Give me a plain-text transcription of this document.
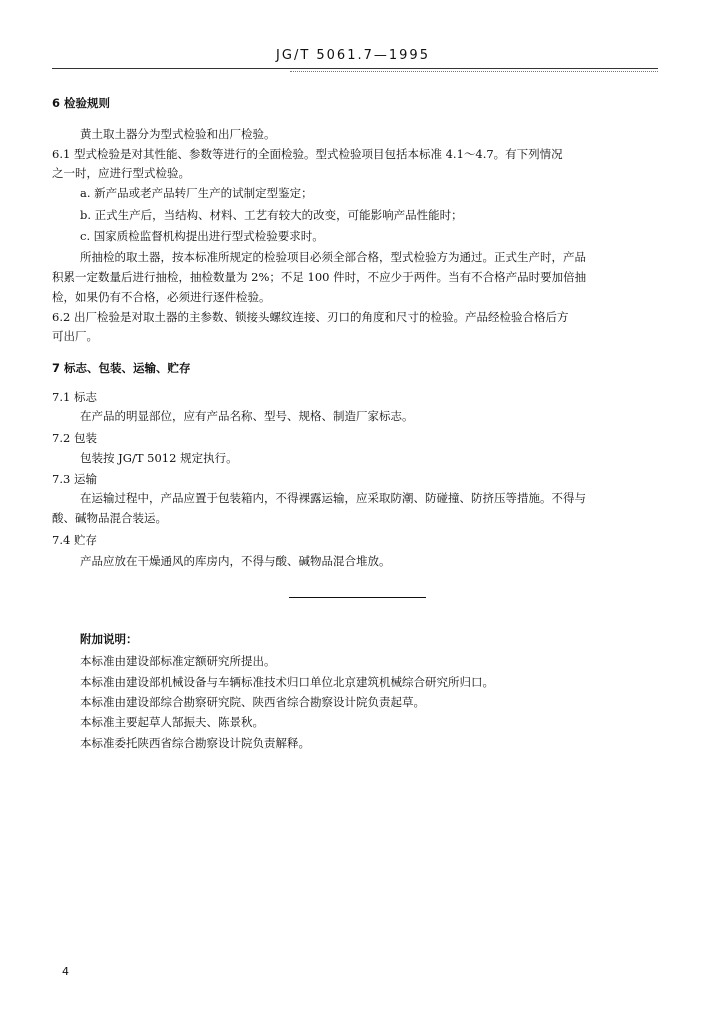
JG/T 5061.7—1995
6 检验规则
黄土取土器分为型式检验和出厂检验。
6.1 型式检验是对其性能、参数等进行的全面检验。型式检验项目包括本标准 4.1～4.7。有下列情况
之一时，应进行型式检验。
a. 新产品或老产品转厂生产的试制定型鉴定；
b. 正式生产后，当结构、材料、工艺有较大的改变，可能影响产品性能时；
c. 国家质检监督机构提出进行型式检验要求时。
所抽检的取土器，按本标准所规定的检验项目必须全部合格，型式检验方为通过。正式生产时，产品
积累一定数量后进行抽检，抽检数量为 2%；不足 100 件时，不应少于两件。当有不合格产品时要加倍抽
检，如果仍有不合格，必须进行逐件检验。
6.2 出厂检验是对取土器的主参数、锁接头螺纹连接、刃口的角度和尺寸的检验。产品经检验合格后方
可出厂。
7 标志、包装、运输、贮存
7.1 标志
在产品的明显部位，应有产品名称、型号、规格、制造厂家标志。
7.2 包装
包装按 JG/T 5012 规定执行。
7.3 运输
在运输过程中，产品应置于包装箱内，不得裸露运输，应采取防潮、防碰撞、防挤压等措施。不得与
酸、碱物品混合装运。
7.4 贮存
产品应放在干燥通风的库房内，不得与酸、碱物品混合堆放。
附加说明：
本标准由建设部标准定额研究所提出。
本标准由建设部机械设备与车辆标准技术归口单位北京建筑机械综合研究所归口。
本标准由建设部综合勘察研究院、陕西省综合勘察设计院负责起草。
本标准主要起草人郜振夫、陈景秋。
本标准委托陕西省综合勘察设计院负责解释。
4
